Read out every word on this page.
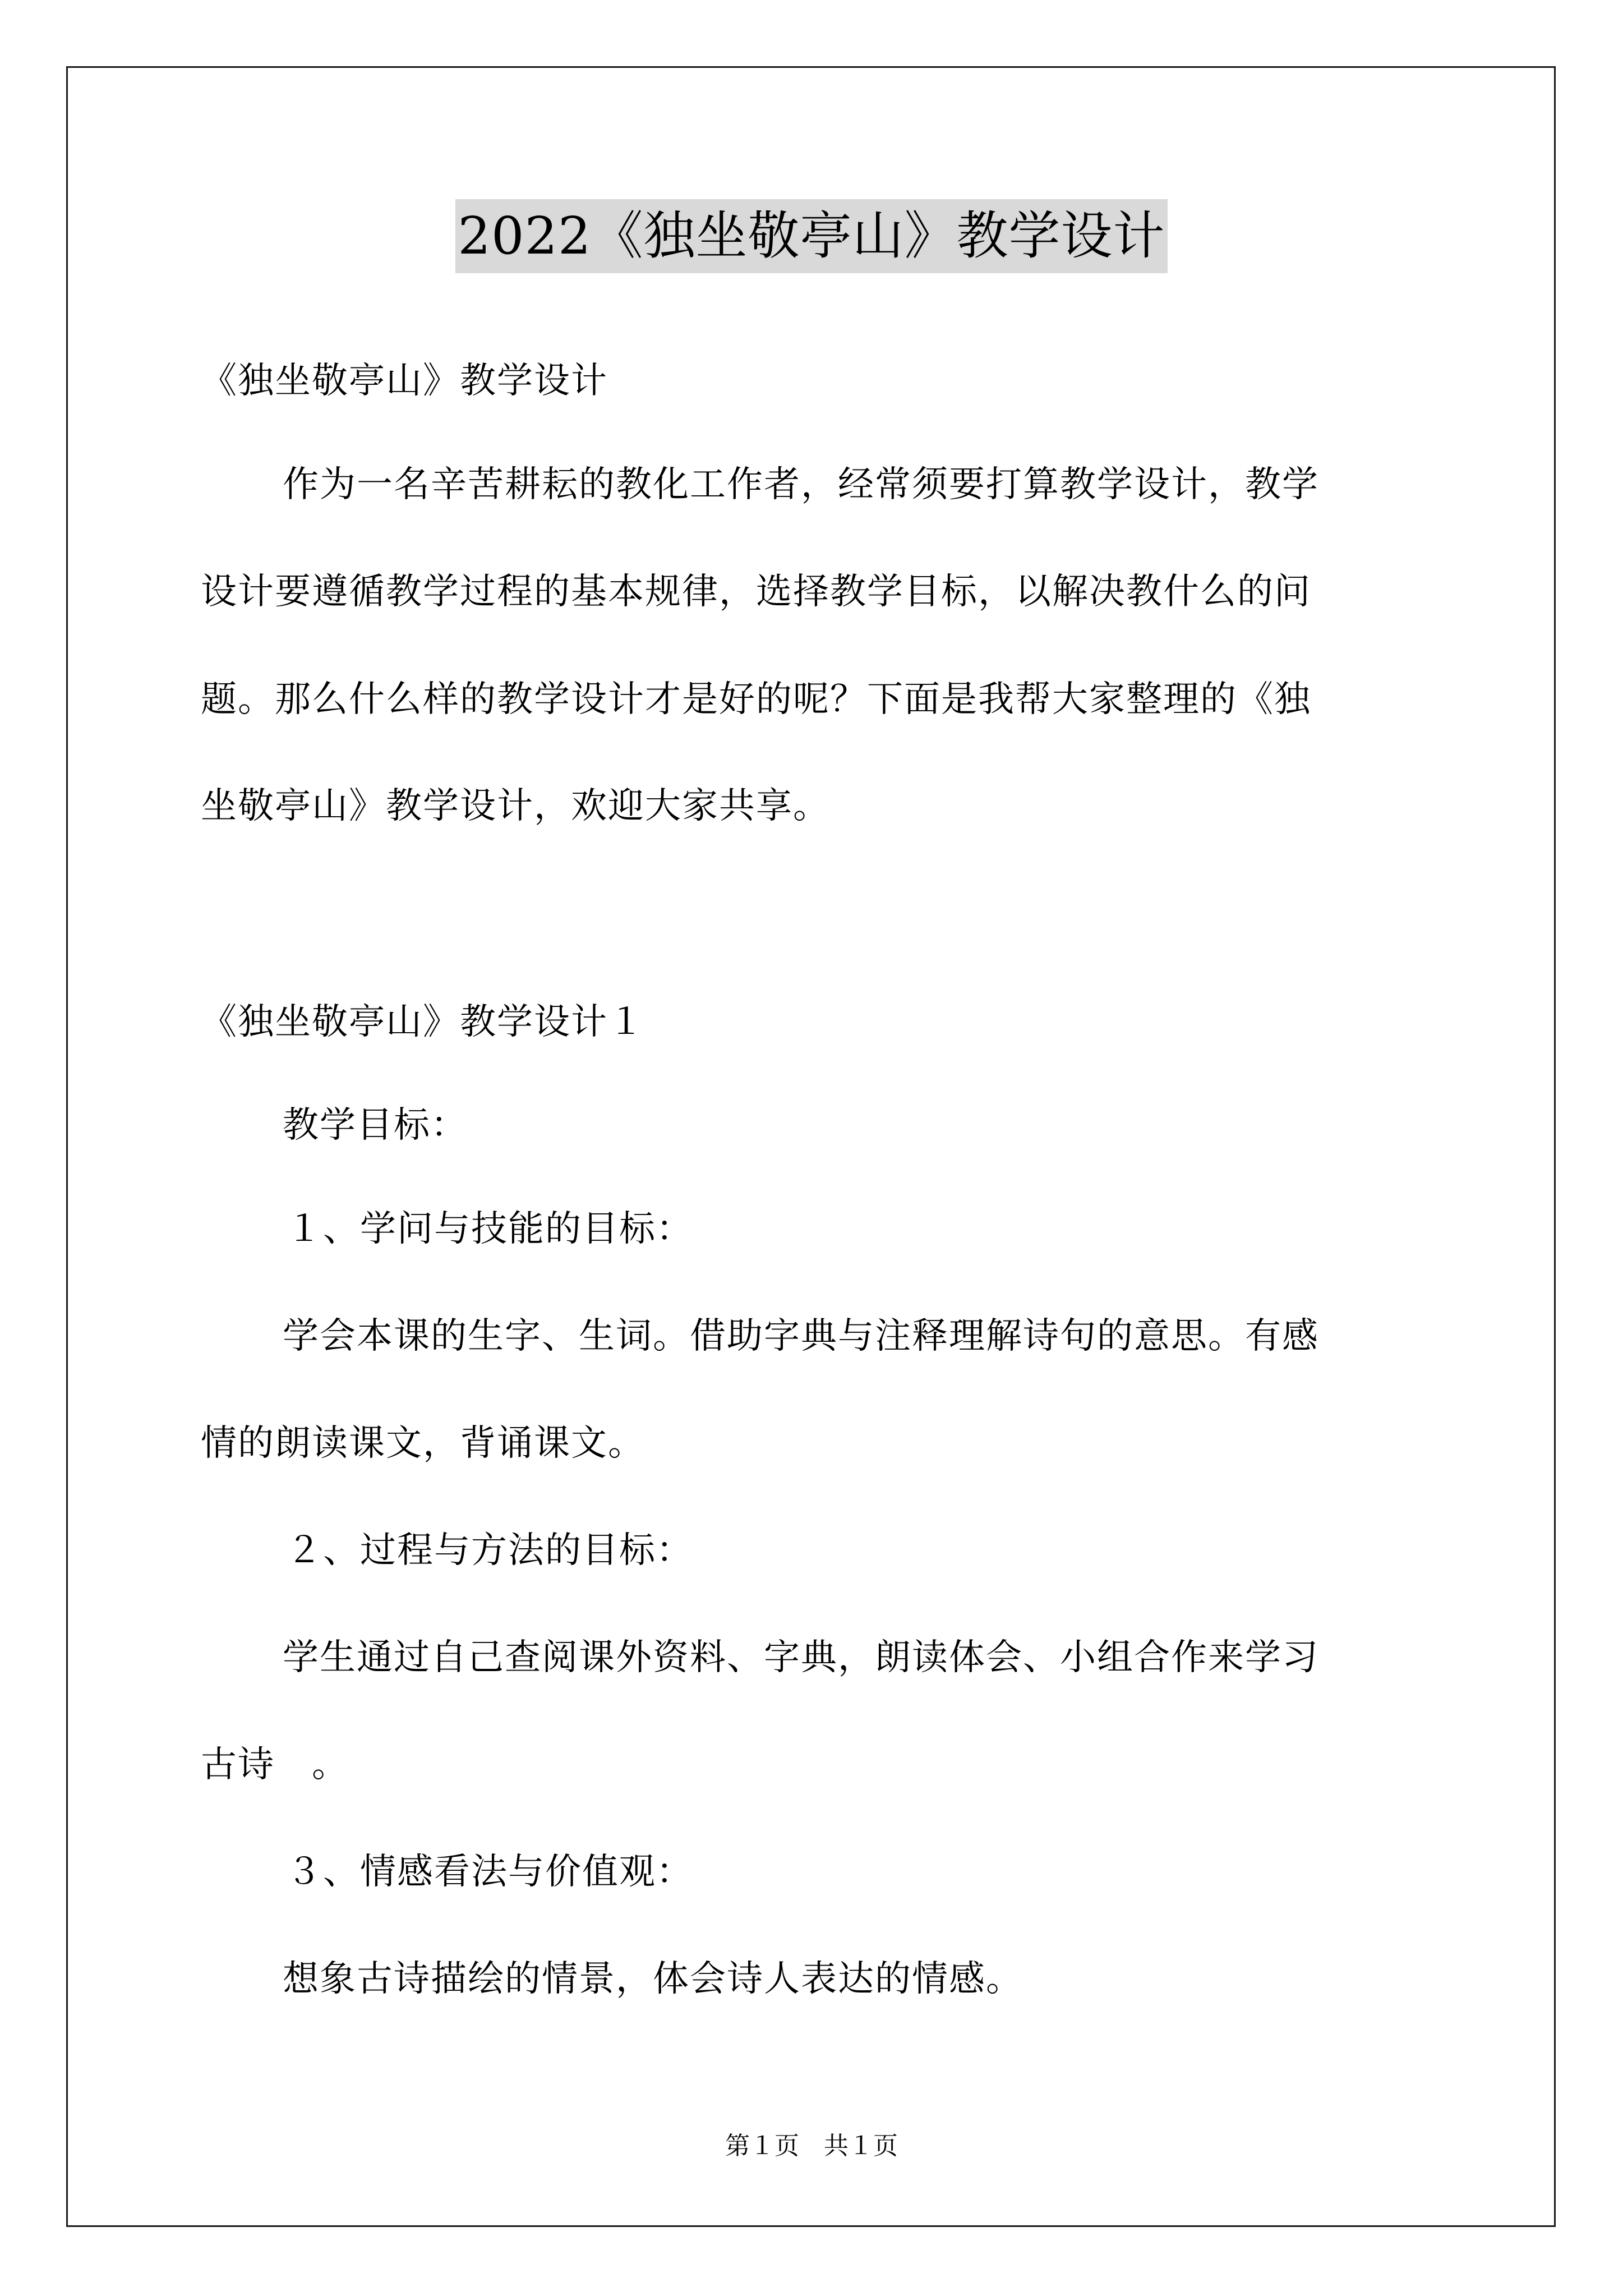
2022《独坐敬亭山》教学设计
《独坐敬亭山》教学设计
作为一名辛苦耕耘的教化工作者，经常须要打算教学设计，教学
设计要遵循教学过程的基本规律，选择教学目标，以解决教什么的问
题。那么什么样的教学设计才是好的呢？下面是我帮大家整理的《独
坐敬亭山》教学设计，欢迎大家共享。
《独坐敬亭山》教学设计１
教学目标：
１、学问与技能的目标：
学会本课的生字、生词。借助字典与注释理解诗句的意思。有感
情的朗读课文，背诵课文。
２、过程与方法的目标：
学生通过自己查阅课外资料、字典，朗读体会、小组合作来学习
古诗　。
３、情感看法与价值观：
想象古诗描绘的情景，体会诗人表达的情感。
第１页　共１页
